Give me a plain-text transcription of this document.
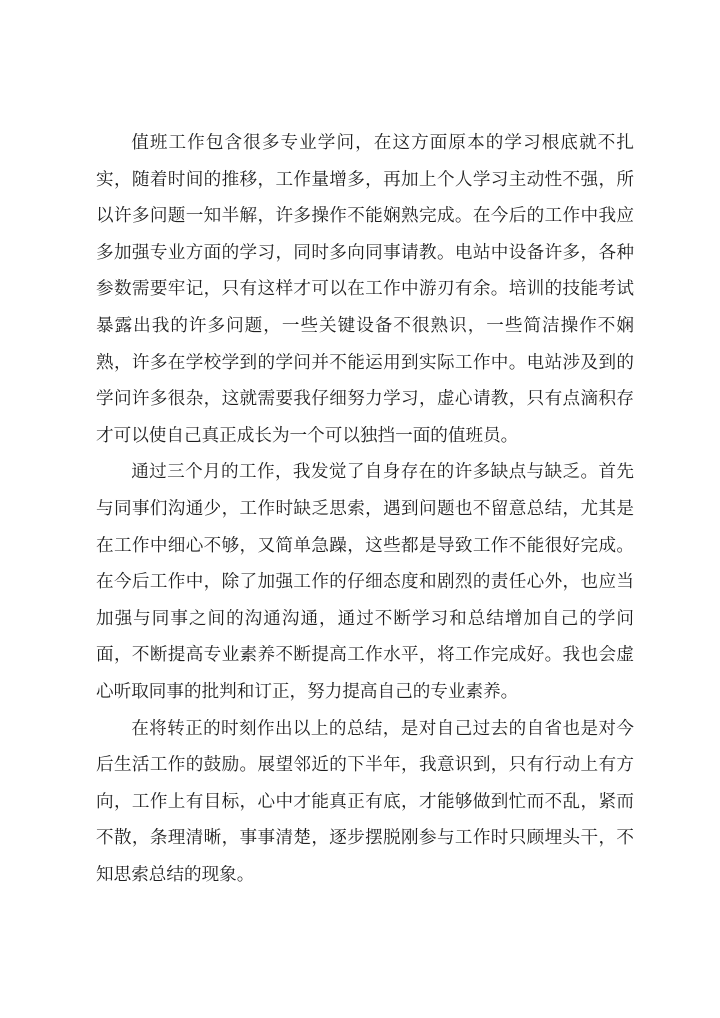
值班工作包含很多专业学问，在这方面原本的学习根底就不扎实，随着时间的推移，工作量增多，再加上个人学习主动性不强，所以许多问题一知半解，许多操作不能娴熟完成。在今后的工作中我应多加强专业方面的学习，同时多向同事请教。电站中设备许多，各种参数需要牢记，只有这样才可以在工作中游刃有余。培训的技能考试暴露出我的许多问题，一些关键设备不很熟识，一些简洁操作不娴熟，许多在学校学到的学问并不能运用到实际工作中。电站涉及到的学问许多很杂，这就需要我仔细努力学习，虚心请教，只有点滴积存才可以使自己真正成长为一个可以独挡一面的值班员。

通过三个月的工作，我发觉了自身存在的许多缺点与缺乏。首先与同事们沟通少，工作时缺乏思索，遇到问题也不留意总结，尤其是在工作中细心不够，又简单急躁，这些都是导致工作不能很好完成。在今后工作中，除了加强工作的仔细态度和剧烈的责任心外，也应当加强与同事之间的沟通沟通，通过不断学习和总结增加自己的学问面，不断提高专业素养不断提高工作水平，将工作完成好。我也会虚心听取同事的批判和订正，努力提高自己的专业素养。

在将转正的时刻作出以上的总结，是对自己过去的自省也是对今后生活工作的鼓励。展望邻近的下半年，我意识到，只有行动上有方向，工作上有目标，心中才能真正有底，才能够做到忙而不乱，紧而不散，条理清晰，事事清楚，逐步摆脱刚参与工作时只顾埋头干，不知思索总结的现象。
